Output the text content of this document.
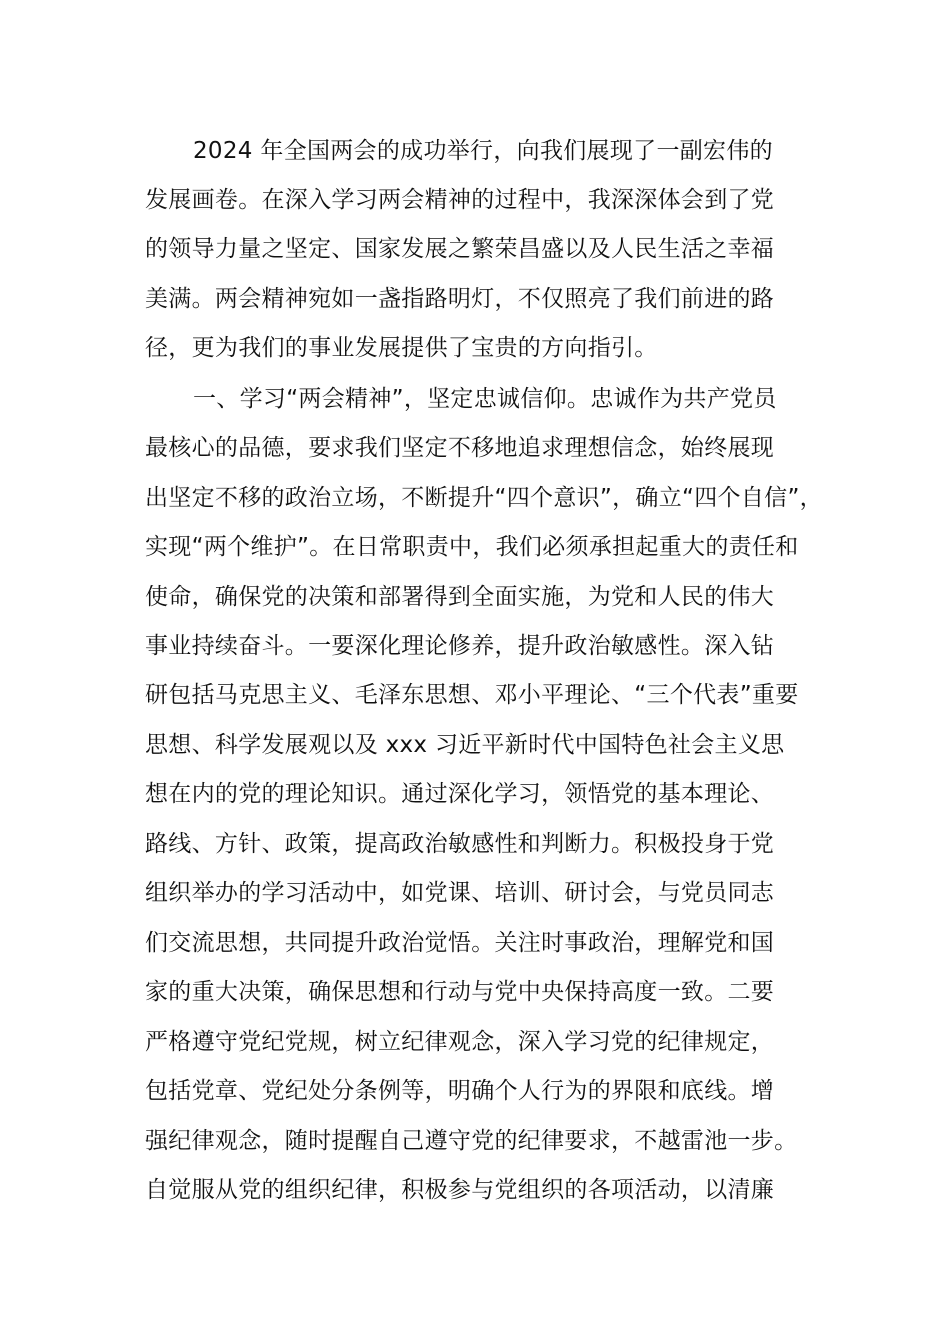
2024 年全国两会的成功举行，向我们展现了一副宏伟的
发展画卷。在深入学习两会精神的过程中，我深深体会到了党
的领导力量之坚定、国家发展之繁荣昌盛以及人民生活之幸福
美满。两会精神宛如一盏指路明灯，不仅照亮了我们前进的路
径，更为我们的事业发展提供了宝贵的方向指引。
一、学习“两会精神”，坚定忠诚信仰。忠诚作为共产党员
最核心的品德，要求我们坚定不移地追求理想信念，始终展现
出坚定不移的政治立场，不断提升“四个意识”，确立“四个自信”，
实现“两个维护”。在日常职责中，我们必须承担起重大的责任和
使命，确保党的决策和部署得到全面实施，为党和人民的伟大
事业持续奋斗。一要深化理论修养，提升政治敏感性。深入钻
研包括马克思主义、毛泽东思想、邓小平理论、“三个代表”重要
思想、科学发展观以及 xxx 习近平新时代中国特色社会主义思
想在内的党的理论知识。通过深化学习，领悟党的基本理论、
路线、方针、政策，提高政治敏感性和判断力。积极投身于党
组织举办的学习活动中，如党课、培训、研讨会，与党员同志
们交流思想，共同提升政治觉悟。关注时事政治，理解党和国
家的重大决策，确保思想和行动与党中央保持高度一致。二要
严格遵守党纪党规，树立纪律观念，深入学习党的纪律规定，
包括党章、党纪处分条例等，明确个人行为的界限和底线。增
强纪律观念，随时提醒自己遵守党的纪律要求，不越雷池一步。
自觉服从党的组织纪律，积极参与党组织的各项活动，以清廉
